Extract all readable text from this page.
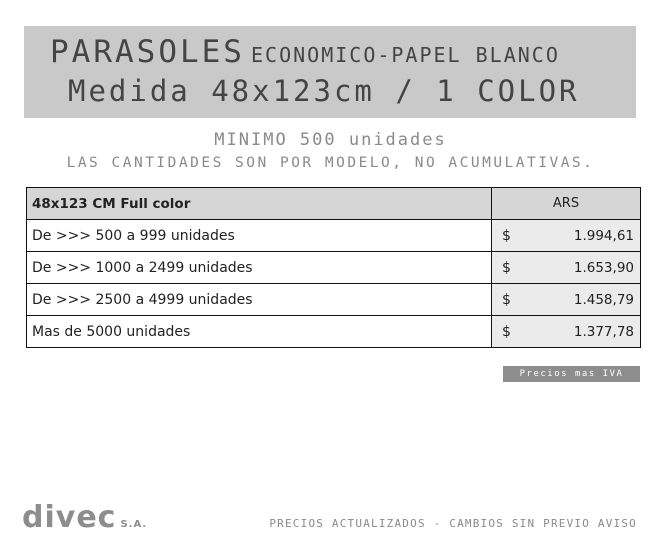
PARASOLES ECONOMICO-PAPEL BLANCO
Medida 48x123cm / 1 COLOR
MINIMO 500 unidades
LAS CANTIDADES SON POR MODELO, NO ACUMULATIVAS.
48x123 CM Full color	ARS
De >>> 500 a 999 unidades	$ 1.994,61

De >>> 1000 a 2499 unidades	$ 1.653,90

De >>> 2500 a 4999 unidades	$ 1.458,79

Mas de 5000 unidades	$ 1.377,78
Precios mas IVA
divec S.A.	PRECIOS ACTUALIZADOS - CAMBIOS SIN PREVIO AVISO
